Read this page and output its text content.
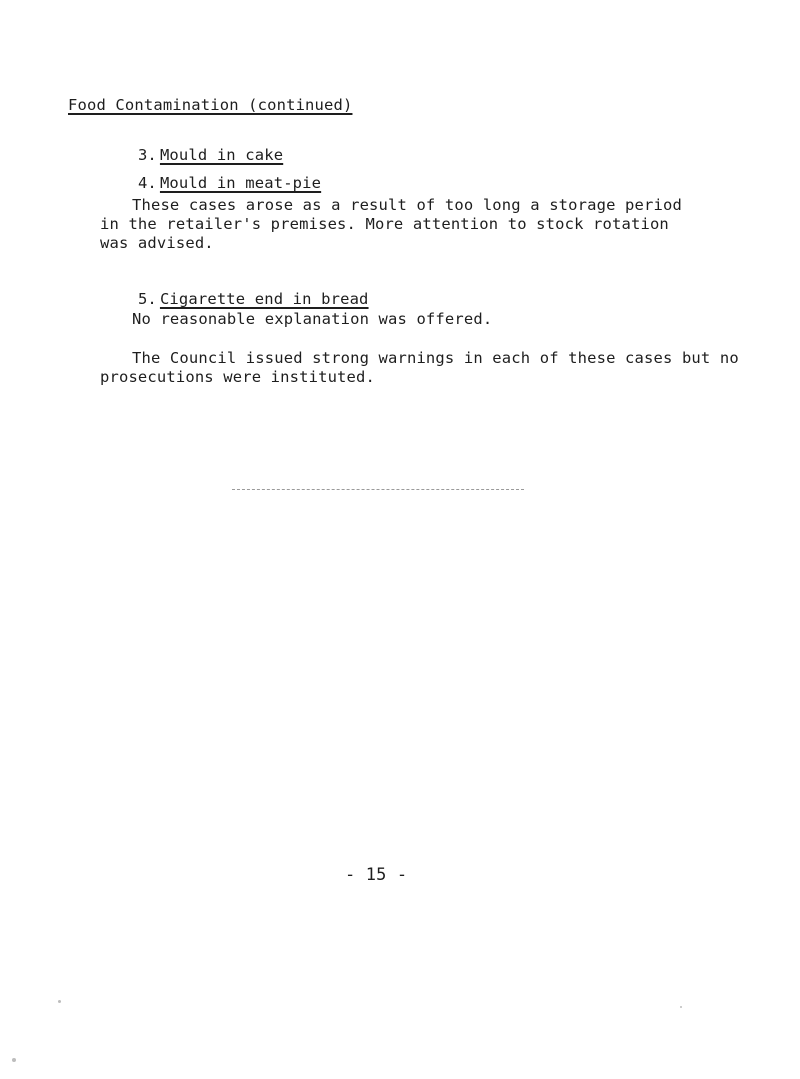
Food Contamination (continued)

3. Mould in cake

4. Mould in meat-pie

These cases arose as a result of too long a storage period
in the retailer's premises. More attention to stock rotation
was advised.

5. Cigarette end in bread

No reasonable explanation was offered.
The Council issued strong warnings in each of these cases but no
prosecutions were instituted.
- 15 -
